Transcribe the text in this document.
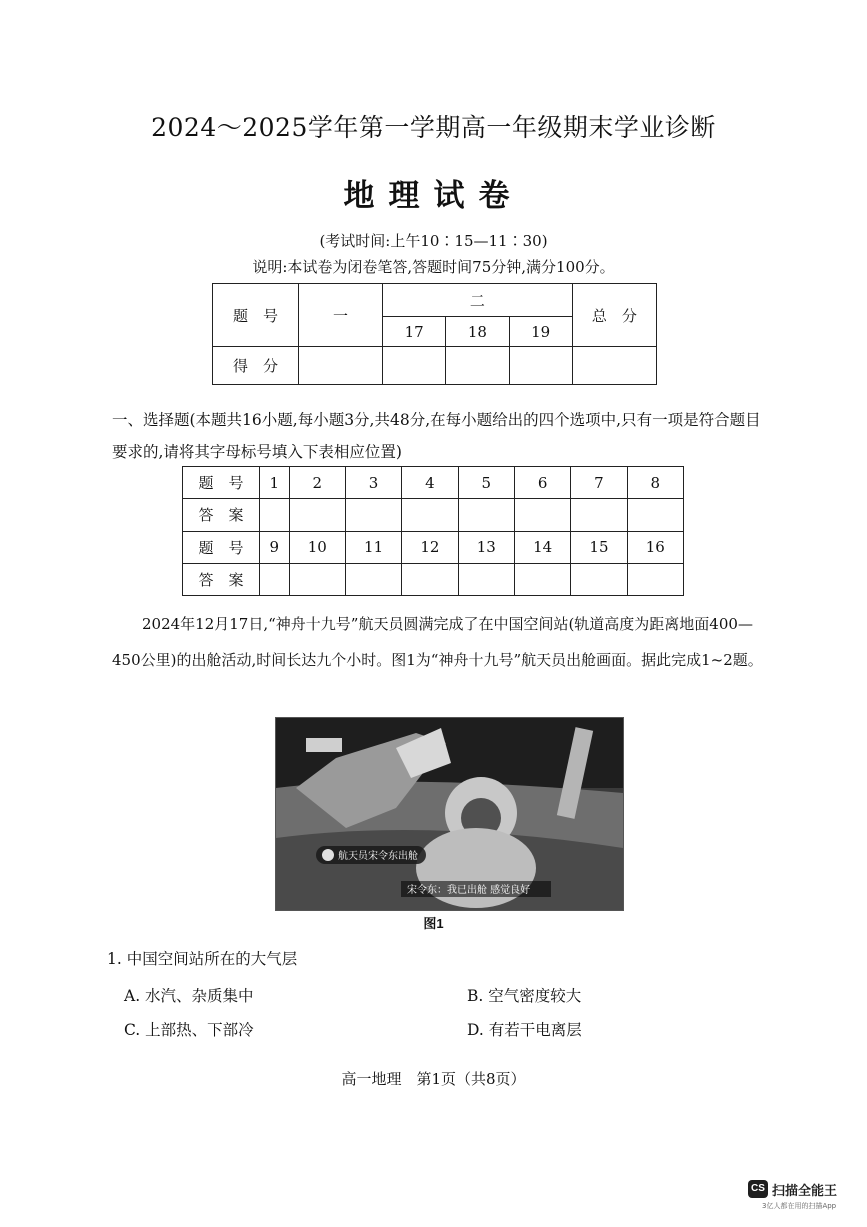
2024～2025学年第一学期高一年级期末学业诊断
地理试卷
(考试时间:上午10∶15—11∶30)
说明:本试卷为闭卷笔答,答题时间75分钟,满分100分。
题　号	一	二			总　分
		17	18	19	
得　分					
一、选择题(本题共16小题,每小题3分,共48分,在每小题给出的四个选项中,只有一项是符合题目要求的,请将其字母标号填入下表相应位置)
题　号	1	2	3	4	5	6	7	8
答　案								
题　号	9	10	11	12	13	14	15	16
答　案								
2024年12月17日,“神舟十九号”航天员圆满完成了在中国空间站(轨道高度为距离地面400—450公里)的出舱活动,时间长达九个小时。图1为“神舟十九号”航天员出舱画面。据此完成1~2题。
航天员宋令东出舱
宋令东：我已出舱 感觉良好
图1
1. 中国空间站所在的大气层
A. 水汽、杂质集中	B. 空气密度较大
C. 上部热、下部冷	D. 有若干电离层
高一地理　第1页（共8页）
CS 扫描全能王
3亿人都在用的扫描App
